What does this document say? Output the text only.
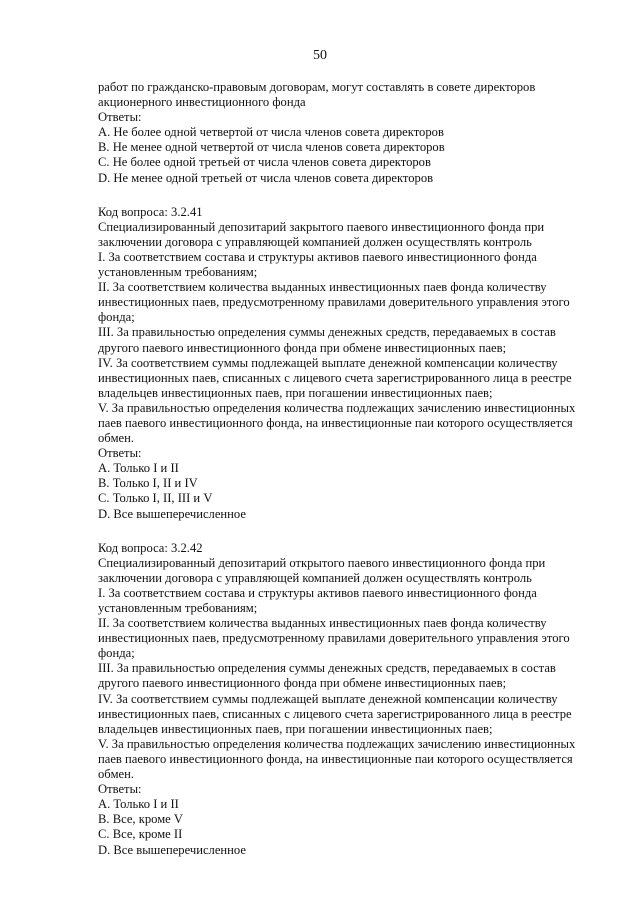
50
работ по гражданско-правовым договорам, могут составлять в совете директоров
акционерного инвестиционного фонда
Ответы:
A. Не более одной четвертой от числа членов совета директоров
B. Не менее одной четвертой от числа членов совета директоров
C. Не более одной третьей от числа членов совета директоров
D. Не менее одной третьей от числа членов совета директоров
Код вопроса: 3.2.41
Специализированный депозитарий закрытого паевого инвестиционного фонда при
заключении договора с управляющей компанией должен осуществлять контроль
I. За соответствием состава и структуры активов паевого инвестиционного фонда
установленным требованиям;
II. За соответствием количества выданных инвестиционных паев фонда количеству
инвестиционных паев, предусмотренному правилами доверительного управления этого
фонда;
III. За правильностью определения суммы денежных средств, передаваемых в состав
другого паевого инвестиционного фонда при обмене инвестиционных паев;
IV. За соответствием суммы подлежащей выплате денежной компенсации количеству
инвестиционных паев, списанных с лицевого счета зарегистрированного лица в реестре
владельцев инвестиционных паев, при погашении инвестиционных паев;
V. За правильностью определения количества подлежащих зачислению инвестиционных
паев паевого инвестиционного фонда, на инвестиционные паи которого осуществляется
обмен.
Ответы:
A. Только I и II
B. Только I, II и IV
C. Только I, II, III и V
D. Все вышеперечисленное
Код вопроса: 3.2.42
Специализированный депозитарий открытого паевого инвестиционного фонда при
заключении договора с управляющей компанией должен осуществлять контроль
I. За соответствием состава и структуры активов паевого инвестиционного фонда
установленным требованиям;
II. За соответствием количества выданных инвестиционных паев фонда количеству
инвестиционных паев, предусмотренному правилами доверительного управления этого
фонда;
III. За правильностью определения суммы денежных средств, передаваемых в состав
другого паевого инвестиционного фонда при обмене инвестиционных паев;
IV. За соответствием суммы подлежащей выплате денежной компенсации количеству
инвестиционных паев, списанных с лицевого счета зарегистрированного лица в реестре
владельцев инвестиционных паев, при погашении инвестиционных паев;
V. За правильностью определения количества подлежащих зачислению инвестиционных
паев паевого инвестиционного фонда, на инвестиционные паи которого осуществляется
обмен.
Ответы:
A. Только I и II
B. Все, кроме V
C. Все, кроме II
D. Все вышеперечисленное
